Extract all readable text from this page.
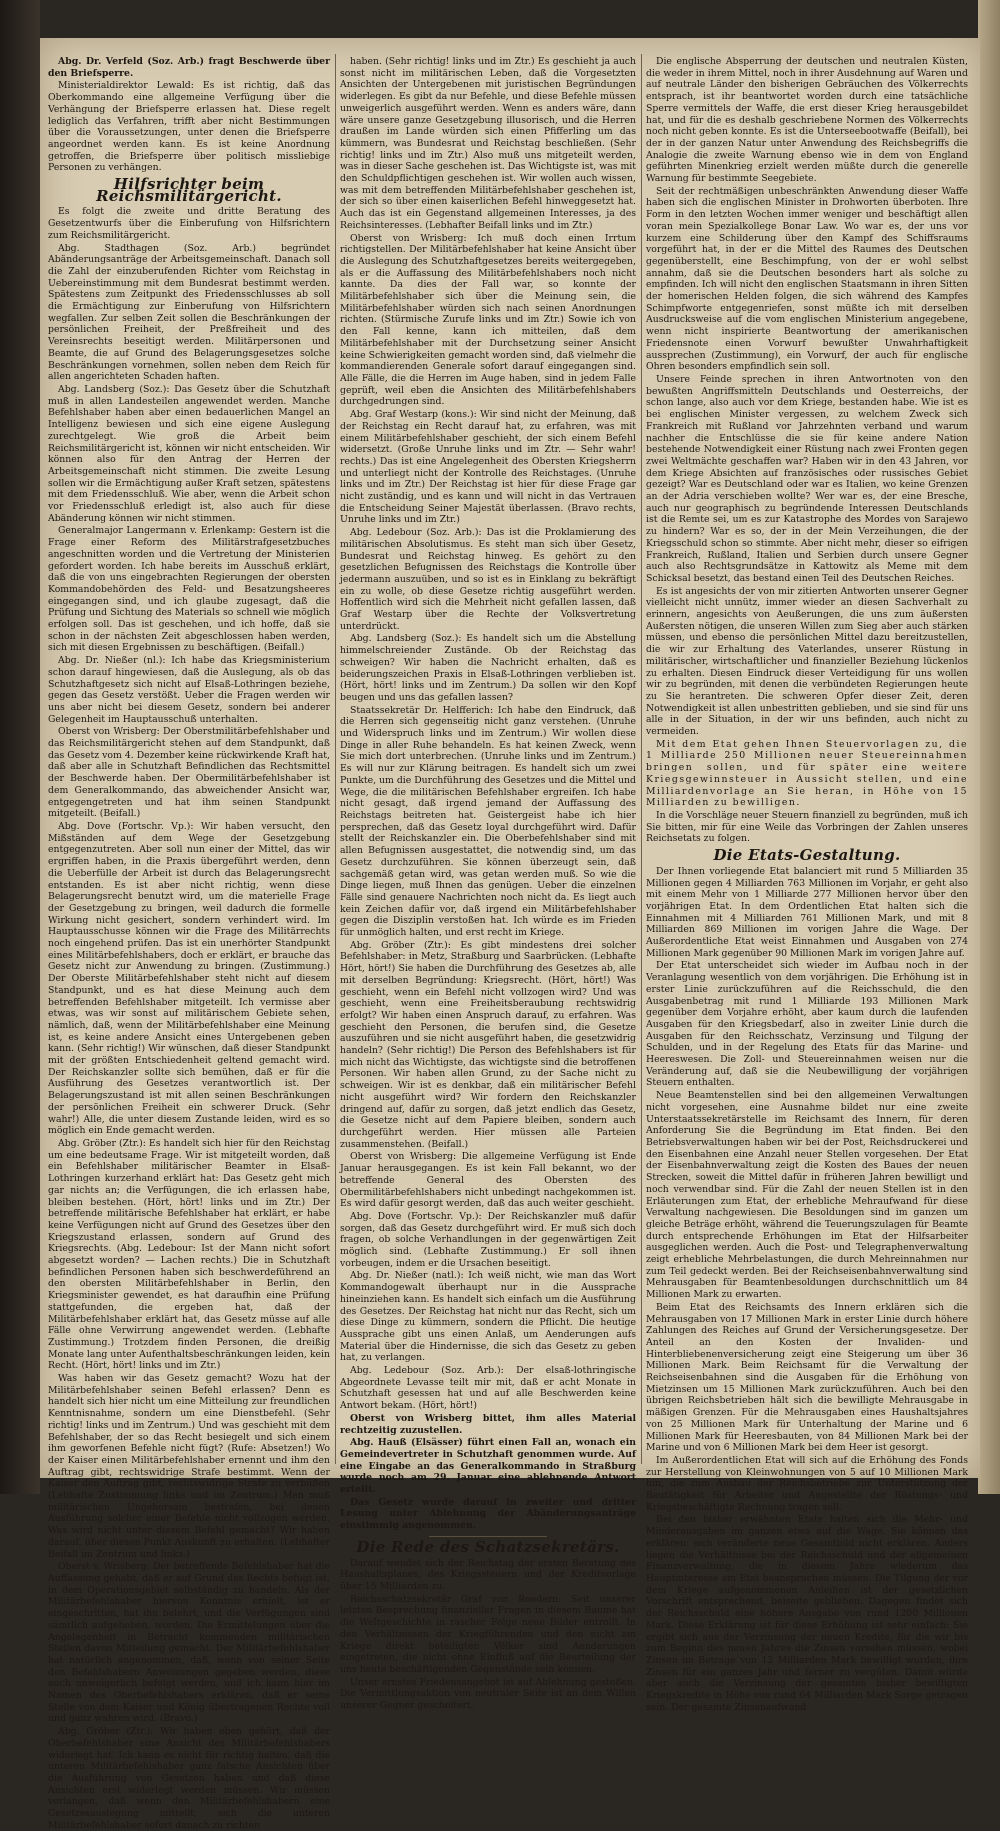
Abg. Dr. Verfeld (Soz. Arb.) fragt Beschwerde über den Briefsperre.

Ministerialdirektor Lewald: Es ist richtig, daß das Oberkommando eine allgemeine Verfügung über die Verhängung der Briefsperre erlassen hat. Diese regelt lediglich das Verfahren, trifft aber nicht Bestimmungen über die Voraussetzungen, unter denen die Briefsperre angeordnet werden kann. Es ist keine Anordnung getroffen, die Briefsperre über politisch missliebige Personen zu verhängen.

Hilfsrichter beim Reichsmilitärgericht.

Es folgt die zweite und dritte Beratung des Gesetzentwurfs über die Einberufung von Hilfsrichtern zum Reichsmilitärgericht.

Abg. Stadthagen (Soz. Arb.) begründet Abänderungsanträge der Arbeitsgemeinschaft. Danach soll die Zahl der einzuberufenden Richter vom Reichstag in Uebereinstimmung mit dem Bundesrat bestimmt werden. Spätestens zum Zeitpunkt des Friedensschlusses ab soll die Ermächtigung zur Einberufung von Hilfsrichtern wegfallen. Zur selben Zeit sollen die Beschränkungen der persönlichen Freiheit, der Preßfreiheit und des Vereinsrechts beseitigt werden. Militärpersonen und Beamte, die auf Grund des Belagerungsgesetzes solche Beschränkungen vornehmen, sollen neben dem Reich für allen angerichteten Schaden haften.

Abg. Landsberg (Soz.): Das Gesetz über die Schutzhaft muß in allen Landesteilen angewendet werden. Manche Befehlshaber haben aber einen bedauerlichen Mangel an Intelligenz bewiesen und sich eine eigene Auslegung zurechtgelegt. Wie groß die Arbeit beim Reichsmilitärgericht ist, können wir nicht entscheiden. Wir können also für den Antrag der Herren der Arbeitsgemeinschaft nicht stimmen. Die zweite Lesung sollen wir die Ermächtigung außer Kraft setzen, spätestens mit dem Friedensschluß. Wie aber, wenn die Arbeit schon vor Friedensschluß erledigt ist, also auch für diese Abänderung können wir nicht stimmen.

Generalmajor Langermann v. Erlenkamp: Gestern ist die Frage einer Reform des Militärstrafgesetzbuches angeschnitten worden und die Vertretung der Ministerien gefordert worden. Ich habe bereits im Ausschuß erklärt, daß die von uns eingebrachten Regierungen der obersten Kommandobehörden des Feld- und Besatzungsheeres eingegangen sind, und ich glaube zugesagt, daß die Prüfung und Sichtung des Materials so schnell wie möglich erfolgen soll. Das ist geschehen, und ich hoffe, daß sie schon in der nächsten Zeit abgeschlossen haben werden, sich mit diesen Ergebnissen zu beschäftigen. (Beifall.)

Abg. Dr. Nießer (nl.): Ich habe das Kriegsministerium schon darauf hingewiesen, daß die Auslegung, als ob das Schutzhaftgesetz sich nicht auf Elsaß-Lothringen beziehe, gegen das Gesetz verstößt. Ueber die Fragen werden wir uns aber nicht bei diesem Gesetz, sondern bei anderer Gelegenheit im Hauptausschuß unterhalten.

Oberst von Wrisberg: Der Oberstmilitärbefehlshaber und das Reichsmilitärgericht stehen auf dem Standpunkt, daß das Gesetz vom 4. Dezember keine rückwirkende Kraft hat, daß aber alle in Schutzhaft Befindlichen das Rechtsmittel der Beschwerde haben. Der Obermilitärbefehlshaber ist dem Generalkommando, das abweichender Ansicht war, entgegengetreten und hat ihm seinen Standpunkt mitgeteilt. (Beifall.)

Abg. Dove (Fortschr. Vp.): Wir haben versucht, den Mißständen auf dem Wege der Gesetzgebung entgegenzutreten. Aber soll nun einer der Mittel, das wir ergriffen haben, in die Praxis übergeführt werden, denn die Ueberfülle der Arbeit ist durch das Belagerungsrecht entstanden. Es ist aber nicht richtig, wenn diese Belagerungsrecht benutzt wird, um die materielle Frage der Gesetzgebung zu bringen, weil dadurch die formelle Wirkung nicht gesichert, sondern verhindert wird. Im Hauptausschusse können wir die Frage des Militärrechts noch eingehend prüfen. Das ist ein unerhörter Standpunkt eines Militärbefehlshabers, doch er erklärt, er brauche das Gesetz nicht zur Anwendung zu bringen. (Zustimmung.) Der Oberste Militärbefehlshaber steht nicht auf diesem Standpunkt, und es hat diese Meinung auch dem betreffenden Befehlshaber mitgeteilt. Ich vermisse aber etwas, was wir sonst auf militärischem Gebiete sehen, nämlich, daß, wenn der Militärbefehlshaber eine Meinung ist, es keine andere Ansicht eines Untergebenen geben kann. (Sehr richtig!) Wir wünschen, daß dieser Standpunkt mit der größten Entschiedenheit geltend gemacht wird. Der Reichskanzler sollte sich bemühen, daß er für die Ausführung des Gesetzes verantwortlich ist. Der Belagerungszustand ist mit allen seinen Beschränkungen der persönlichen Freiheit ein schwerer Druck. (Sehr wahr!) Alle, die unter diesem Zustande leiden, wird es so möglich ein Ende gemacht werden.

Abg. Gröber (Ztr.): Es handelt sich hier für den Reichstag um eine bedeutsame Frage. Wir ist mitgeteilt worden, daß ein Befehlshaber militärischer Beamter in Elsaß-Lothringen kurzerhand erklärt hat: Das Gesetz geht mich gar nichts an; die Verfügungen, die ich erlassen habe, bleiben bestehen. (Hört, hört! links und im Ztr.) Der betreffende militärische Befehlshaber hat erklärt, er habe keine Verfügungen nicht auf Grund des Gesetzes über den Kriegszustand erlassen, sondern auf Grund des Kriegsrechts. (Abg. Ledebour: Ist der Mann nicht sofort abgesetzt worden? — Lachen rechts.) Die in Schutzhaft befindlichen Personen haben sich beschwerdeführend an den obersten Militärbefehlshaber in Berlin, den Kriegsminister gewendet, es hat daraufhin eine Prüfung stattgefunden, die ergeben hat, daß der Militärbefehlshaber erklärt hat, das Gesetz müsse auf alle Fälle ohne Verwirrung angewendet werden. (Lebhafte Zustimmung.) Trotzdem finden Personen, die dreißig Monate lang unter Aufenthaltsbeschränkungen leiden, kein Recht. (Hört, hört! links und im Ztr.)

Was haben wir das Gesetz gemacht? Wozu hat der Militärbefehlshaber seinen Befehl erlassen? Denn es handelt sich hier nicht um eine Mitteilung zur freundlichen Kenntnisnahme, sondern um eine Dienstbefehl. (Sehr richtig! links und im Zentrum.) Und was geschieht mit dem Befehlshaber, der so das Recht besiegelt und sich einem ihm geworfenen Befehle nicht fügt? (Rufe: Absetzen!) Wo der Kaiser einen Militärbefehlshaber ernennt und ihm den Auftrag gibt, rechtswidrige Strafe bestimmt. Wenn der Kaiser den Auftrag gibt, rechtswidrige Strafe zu verbüßen (Lebhafte Zustimmung links und im Zentrum.) Man muß militärischen Ungehorsam bestrafen, bei denen Ausführung solcher einer Befehle nicht vollzogen werden. Was wird nicht unter diesem Befehl gemacht? Wir haben darauf, über diesen Punkt Auskunft zu erhalten. (Lebhafter Beifall im Zentrum und links.)

Oberst v. Wrisberg: Der betreffende Befehlshaber hat die Auffassung gehabt, daß er auf Grund des Rechts befugt ist, in dem Operationsgebiet selbständig zu handeln. Als der Militärbefehlshaber hiervon Kenntnis erhielt, ist er eingeschritten, hat ihn belehrt, und die Verfügungen sind sämtlich aufgehoben, worden. Die Ermittelungen über die Angelegenheit in Betracht kommenden militärischen Stellen davon Mitteilung gemacht. Der Militärbefehlshaber hat natürlich angenommen, daß, wenn von seiner Seite den Befehlshabern Anweisungen gegeben werden, diese auch unweigerlich befolgt werden, und ich kann hier im Namen des Oberbefehlshabers erklären, daß er seine Stelle von dem Kaiser und König übertragenen Rechte voll und ganz wahren wird. (Bravo.)

Abg. Gröber (Ztr.): Wir haben eben gehört, daß der Oberbefehlshaber eine Ansicht des Militärbefehlshabers widerlegt hat. Ich kann es nicht für richtig halten, daß die unteren Militärbefehlshaber ganz falsche Ansichten über die Ausführung von Gesetzen haben und daß diese Ansichten erst widerlegt werden müssen. Wir müssen verlangen, daß wenn den Militärbefehlshabern eine Gesetzesauslegung mitteilt, sich die unteren Militärbefehlshaber sofort danach zu richten

haben. (Sehr richtig! links und im Ztr.) Es geschieht ja auch sonst nicht im militärischen Leben, daß die Vorgesetzten Ansichten der Untergebenen mit juristischen Begründungen widerlegen. Es gibt da nur Befehle, und diese Befehle müssen unweigerlich ausgeführt werden. Wenn es anders wäre, dann wäre unsere ganze Gesetzgebung illusorisch, und die Herren draußen im Lande würden sich einen Pfifferling um das kümmern, was Bundesrat und Reichstag beschließen. (Sehr richtig! links und im Ztr.) Also muß uns mitgeteilt werden, was in dieser Sache geschehen ist. Das Wichtigste ist, was mit den Schuldpflichtigen geschehen ist. Wir wollen auch wissen, was mit dem betreffenden Militärbefehlshaber geschehen ist, der sich so über einen kaiserlichen Befehl hinweggesetzt hat. Auch das ist ein Gegenstand allgemeinen Interesses, ja des Reichsinteresses. (Lebhafter Beifall links und im Ztr.)

Oberst von Wrisberg: Ich muß doch einen Irrtum richtigstellen. Der Militärbefehlshaber hat keine Ansicht über die Auslegung des Schutzhaftgesetzes bereits weitergegeben, als er die Auffassung des Militärbefehlshabers noch nicht kannte. Da dies der Fall war, so konnte der Militärbefehlshaber sich über die Meinung sein, die Militärbefehlshaber würden sich nach seinen Anordnungen richten. (Stürmische Zurufe links und im Ztr.) Sowie ich von den Fall kenne, kann ich mitteilen, daß dem Militärbefehlshaber mit der Durchsetzung seiner Ansicht keine Schwierigkeiten gemacht worden sind, daß vielmehr die kommandierenden Generale sofort darauf eingegangen sind. Alle Fälle, die die Herren im Auge haben, sind in jedem Falle geprüft, weil eben die Ansichten des Militärbefehlshabers durchgedrungen sind.

Abg. Graf Westarp (kons.): Wir sind nicht der Meinung, daß der Reichstag ein Recht darauf hat, zu erfahren, was mit einem Militärbefehlshaber geschieht, der sich einem Befehl widersetzt. (Große Unruhe links und im Ztr. — Sehr wahr! rechts.) Das ist eine Angelegenheit des Obersten Kriegsherrn und unterliegt nicht der Kontrolle des Reichstages. (Unruhe links und im Ztr.) Der Reichstag ist hier für diese Frage gar nicht zuständig, und es kann und will nicht in das Vertrauen die Entscheidung Seiner Majestät überlassen. (Bravo rechts, Unruhe links und im Ztr.)

Abg. Ledebour (Soz. Arb.): Das ist die Proklamierung des militärischen Absolutismus. Es steht man sich über Gesetz, Bundesrat und Reichstag hinweg. Es gehört zu den gesetzlichen Befugnissen des Reichstags die Kontrolle über jedermann auszuüben, und so ist es in Einklang zu bekräftigt ein zu wolle, ob diese Gesetze richtig ausgeführt werden. Hoffentlich wird sich die Mehrheit nicht gefallen lassen, daß Graf Westarp über die Rechte der Volksvertretung unterdrückt.

Abg. Landsberg (Soz.): Es handelt sich um die Abstellung himmelschreiender Zustände. Ob der Reichstag das schweigen? Wir haben die Nachricht erhalten, daß es beiderungszeichen Praxis in Elsaß-Lothringen verblieben ist. (Hört, hört! links und im Zentrum.) Da sollen wir den Kopf beugen und uns das gefallen lassen?

Staatssekretär Dr. Helfferich: Ich habe den Eindruck, daß die Herren sich gegenseitig nicht ganz verstehen. (Unruhe und Widerspruch links und im Zentrum.) Wir wollen diese Dinge in aller Ruhe behandeln. Es hat keinen Zweck, wenn Sie mich dort unterbrechen. (Unruhe links und im Zentrum.) Es will nur zur Klärung beitragen. Es handelt sich um zwei Punkte, um die Durchführung des Gesetzes und die Mittel und Wege, die die militärischen Befehlshaber ergreifen. Ich habe nicht gesagt, daß irgend jemand der Auffassung des Reichstags beitreten hat. Geistergeist habe ich hier persprechen, daß das Gesetz loyal durchgeführt wird. Dafür stellt der Reichskanzler ein. Die Oberbefehlshaber sind mit allen Befugnissen ausgestattet, die notwendig sind, um das Gesetz durchzuführen. Sie können überzeugt sein, daß sachgemäß getan wird, was getan werden muß. So wie die Dinge liegen, muß Ihnen das genügen. Ueber die einzelnen Fälle sind genauere Nachrichten noch nicht da. Es liegt auch kein Zeichen dafür vor, daß irgend ein Militärbefehlshaber gegen die Disziplin verstoßen hat. Ich würde es im Frieden für unmöglich halten, und erst recht im Kriege.

Abg. Gröber (Ztr.): Es gibt mindestens drei solcher Befehlshaber: in Metz, Straßburg und Saarbrücken. (Lebhafte Hört, hört!) Sie haben die Durchführung des Gesetzes ab, alle mit derselben Begründung: Kriegsrecht. (Hört, hört!) Was geschieht, wenn ein Befehl nicht vollzogen wird? Und was geschieht, wenn eine Freiheitsberaubung rechtswidrig erfolgt? Wir haben einen Anspruch darauf, zu erfahren. Was geschieht den Personen, die berufen sind, die Gesetze auszuführen und sie nicht ausgeführt haben, die gesetzwidrig handeln? (Sehr richtig!) Die Person des Befehlshabers ist für mich nicht das Wichtigste, das wichtigste sind die betroffenen Personen. Wir haben allen Grund, zu der Sache nicht zu schweigen. Wir ist es denkbar, daß ein militärischer Befehl nicht ausgeführt wird? Wir fordern den Reichskanzler dringend auf, dafür zu sorgen, daß jetzt endlich das Gesetz, die Gesetze nicht auf dem Papiere bleiben, sondern auch durchgeführt werden. Hier müssen alle Parteien zusammenstehen. (Beifall.)

Oberst von Wrisberg: Die allgemeine Verfügung ist Ende Januar herausgegangen. Es ist kein Fall bekannt, wo der betreffende General des Obersten des Obermilitärbefehlshabers nicht unbedingt nachgekommen ist. Es wird dafür gesorgt werden, daß das auch weiter geschieht.

Abg. Dove (Fortschr. Vp.): Der Reichskanzler muß dafür sorgen, daß das Gesetz durchgeführt wird. Er muß sich doch fragen, ob solche Verhandlungen in der gegenwärtigen Zeit möglich sind. (Lebhafte Zustimmung.) Er soll ihnen vorbeugen, indem er die Ursachen beseitigt.

Abg. Dr. Nießer (natl.): Ich weiß nicht, wie man das Wort Kommandogewalt überhaupt nur in die Aussprache hineinziehen kann. Es handelt sich einfach um die Ausführung des Gesetzes. Der Reichstag hat nicht nur das Recht, sich um diese Dinge zu kümmern, sondern die Pflicht. Die heutige Aussprache gibt uns einen Anlaß, um Aenderungen aufs Material über die Hindernisse, die sich das Gesetz zu geben hat, zu verlangen.

Abg. Ledebour (Soz. Arb.): Der elsaß-lothringische Abgeordnete Levasse teilt mir mit, daß er acht Monate in Schutzhaft gesessen hat und auf alle Beschwerden keine Antwort bekam. (Hört, hört!)

Oberst von Wrisberg bittet, ihm alles Material rechtzeitig zuzustellen.

Abg. Hauß (Elsässer) führt einen Fall an, wonach ein Gemeindevertreter in Schutzhaft genommen wurde. Auf eine Eingabe an das Generalkommando in Straßburg wurde noch am 29. Januar eine ablehnende Antwort erteilt.

Das Gesetz wurde darauf in zweiter und dritter Lesung unter Ablehnung der Abänderungsanträge einstimmig angenommen.

Die Rede des Schatzsekretärs.

Darauf wendet sich der Reichstag der ersten Beratung des Haushaltsplanes, des Kriegssteuern und der Kreditvorlage über 15 Milliarden zu.

Reichsschatzsekretär Graf von Roedern: Seit unserer letzten Besprechung finanzieller Fragen in diesem Raume hat die Weltgeschichte in rascher Folge neue Bilder entrollt. In den Verhältnissen der Kriegführenden und den nicht am Kriege direkt beteiligten Völker sind Aenderungen eingetreten, die nicht ohne Einfluß auf die Beurteilung der uns heute beschäftigenden Gegenstände sein können.

Unser ernstes Friedensangebot ist auf Ablehnung gestoßen. Die Vermittlungsaktion von neutraler Seite ist an dem Willen unserer Gegner gescheitert.

Die englische Absperrung der deutschen und neutralen Küsten, die weder in ihrem Mittel, noch in ihrer Ausdehnung auf Waren und auf neutrale Länder den bisherigen Gebräuchen des Völkerrechts entsprach, ist ihr beantwortet worden durch eine tatsächliche Sperre vermittels der Waffe, die erst dieser Krieg herausgebildet hat, und für die es deshalb geschriebene Normen des Völkerrechts noch nicht geben konnte. Es ist die Unterseebootwaffe (Beifall), bei der in der ganzen Natur unter Anwendung des Reichsbegriffs die Analogie die zweite Warnung ebenso wie in dem von England geführten Minenkrieg erzielt werden müßte durch die generelle Warnung für bestimmte Seegebiete.

Seit der rechtmäßigen unbeschränkten Anwendung dieser Waffe haben sich die englischen Minister in Drohworten überboten. Ihre Form in den letzten Wochen immer weniger und beschäftigt allen voran mein Spezialkollege Bonar Law. Wo war es, der uns vor kurzem eine Schilderung über den Kampf des Schiffsraums vorgeführt hat, in der er die Mittel des Raumes des Deutschen gegenüberstellt, eine Beschimpfung, von der er wohl selbst annahm, daß sie die Deutschen besonders hart als solche zu empfinden. Ich will nicht den englischen Staatsmann in ihren Sitten der homerischen Helden folgen, die sich während des Kampfes Schimpfworte entgegenriefen, sonst müßte ich mit derselben Ausdrucksweise auf die vom englischen Ministerium angegebene, wenn nicht inspirierte Beantwortung der amerikanischen Friedensnote einen Vorwurf bewußter Unwahrhaftigkeit aussprechen (Zustimmung), ein Vorwurf, der auch für englische Ohren besonders empfindlich sein soll.

Unsere Feinde sprechen in ihren Antwortnoten von den bewußten Angriffsmitteln Deutschlands und Oesterreichs, der schon lange, also auch vor dem Kriege, bestanden habe. Wie ist es bei englischen Minister vergessen, zu welchem Zweck sich Frankreich mit Rußland vor Jahrzehnten verband und warum nachher die Entschlüsse die sie für keine andere Nation bestehende Notwendigkeit einer Rüstung nach zwei Fronten gegen zwei Weltmächte geschaffen war? Haben wir in den 43 Jahren, vor dem Kriege Absichten auf französisches oder russisches Gebiet gezeigt? War es Deutschland oder war es Italien, wo keine Grenzen an der Adria verschieben wollte? Wer war es, der eine Bresche, auch nur geographisch zu begründende Interessen Deutschlands ist die Remte sei, um es zur Katastrophe des Mordes von Sarajewo zu hindern? War es so, der in der Mein Verzeihungen, die der Kriegsschuld schon so stimmte. Aber nicht mehr, dieser so eifrigen Frankreich, Rußland, Italien und Serbien durch unsere Gegner auch also Rechtsgrundsätze in Kattowitz als Meme mit dem Schicksal besetzt, das bestand einen Teil des Deutschen Reiches.

Es ist angesichts der von mir zitierten Antworten unserer Gegner vielleicht nicht unnütz, immer wieder an diesen Sachverhalt zu erinnern, angesichts von Aeußerungen, die uns zum äußersten Außersten nötigen, die unseren Willen zum Sieg aber auch stärken müssen, und ebenso die persönlichen Mittel dazu bereitzustellen, die wir zur Erhaltung des Vaterlandes, unserer Rüstung in militärischer, wirtschaftlicher und finanzieller Beziehung lückenlos zu erhalten. Diesen Eindruck dieser Verteidigung für uns wollen wir zu begründen, mit denen die verbündeten Regierungen heute zu Sie herantreten. Die schweren Opfer dieser Zeit, deren Notwendigkeit ist allen unbestritten geblieben, und sie sind für uns alle in der Situation, in der wir uns befinden, auch nicht zu vermeiden.

Mit dem Etat gehen Ihnen Steuervorlagen zu, die 1 Milliarde 250 Millionen neuer Steuereinnahmen bringen sollen, und für später eine weitere Kriegsgewinnsteuer in Aussicht stellen, und eine Milliardenvorlage an Sie heran, in Höhe von 15 Milliarden zu bewilligen.

In die Vorschläge neuer Steuern finanziell zu begründen, muß ich Sie bitten, mir für eine Weile das Vorbringen der Zahlen unseres Reichsetats zu folgen.

Die Etats-Gestaltung.

Der Ihnen vorliegende Etat balanciert mit rund 5 Milliarden 35 Millionen gegen 4 Milliarden 763 Millionen im Vorjahr, er geht also mit einem Mehr von 1 Milliarde 277 Millionen hervor über den vorjährigen Etat. In dem Ordentlichen Etat halten sich die Einnahmen mit 4 Milliarden 761 Millionen Mark, und mit 8 Milliarden 869 Millionen im vorigen Jahre die Wage. Der Außerordentliche Etat weist Einnahmen und Ausgaben von 274 Millionen Mark gegenüber 90 Millionen Mark im vorigen Jahre auf.

Der Etat unterscheidet sich wieder im Aufbau noch in der Veranlagung wesentlich von dem vorjährigen. Die Erhöhung ist in erster Linie zurückzuführen auf die Reichsschuld, die den Ausgabenbetrag mit rund 1 Milliarde 193 Millionen Mark gegenüber dem Vorjahre erhöht, aber kaum durch die laufenden Ausgaben für den Kriegsbedarf, also in zweiter Linie durch die Ausgaben für den Reichsschatz, Verzinsung und Tilgung der Schulden, und in der Regelung des Etats für das Marine- und Heereswesen. Die Zoll- und Steuereinnahmen weisen nur die Veränderung auf, daß sie die Neubewilligung der vorjährigen Steuern enthalten.

Neue Beamtenstellen sind bei den allgemeinen Verwaltungen nicht vorgesehen, eine Ausnahme bildet nur eine zweite Unterstaatssekretärstelle im Reichsamt des Innern, für deren Anforderung Sie die Begründung im Etat finden. Bei den Betriebsverwaltungen haben wir bei der Post, Reichsdruckerei und den Eisenbahnen eine Anzahl neuer Stellen vorgesehen. Der Etat der Eisenbahnverwaltung zeigt die Kosten des Baues der neuen Strecken, soweit die Mittel dafür in früheren Jahren bewilligt und noch verwendbar sind. Für die Zahl der neuen Stellen ist in den Erläuterungen zum Etat, der erhebliche Mehraufwand für diese Verwaltung nachgewiesen. Die Besoldungen sind im ganzen um gleiche Beträge erhöht, während die Teuerungszulagen für Beamte durch entsprechende Erhöhungen im Etat der Hilfsarbeiter ausgeglichen werden. Auch die Post- und Telegraphenverwaltung zeigt erhebliche Mehrbelastungen, die durch Mehreinnahmen nur zum Teil gedeckt werden. Bei der Reichseisenbahnverwaltung sind Mehrausgaben für Beamtenbesoldungen durchschnittlich um 84 Millionen Mark zu erwarten.

Beim Etat des Reichsamts des Innern erklären sich die Mehrausgaben von 17 Millionen Mark in erster Linie durch höhere Zahlungen des Reiches auf Grund der Versicherungsgesetze. Der Anteil an den Kosten der Invaliden- und Hinterbliebenenversicherung zeigt eine Steigerung um über 36 Millionen Mark. Beim Reichsamt für die Verwaltung der Reichseisenbahnen sind die Ausgaben für die Erhöhung von Mietzinsen um 15 Millionen Mark zurückzuführen. Auch bei den übrigen Reichsbetrieben hält sich die bewilligte Mehrausgabe in mäßigen Grenzen. Für die Mehrausgaben eines Haushaltsjahres von 25 Millionen Mark für Unterhaltung der Marine und 6 Millionen Mark für Heeresbauten, von 84 Millionen Mark bei der Marine und von 6 Millionen Mark bei dem Heer ist gesorgt.

Im Außerordentlichen Etat will sich auf die Erhöhung des Fonds zur Herstellung von Kleinwohnungen von 5 auf 10 Millionen Mark hin, die zum Ausbau der Reichsbetriebe zur Unterstützung der Bautätigkeit für Arbeiter und Angestellte der Rüstungs- und Kriegsbeschäftigte Rechnung tragen soll.

Bei den bisher erwähnten Etats halten sich die Mehr- und Minderausgaben im ganzen etwa auf die Wage. Sie können das erklären: sich veränderte neue Gesamtbild nicht erklären. Anders liegen die Verhältnisse bei der Reichsschuld und der allgemeinen Finanzverwaltung, die in diesem Jahre wiederum das Hauptinteresse am Etat beanspruchen müssen. Die Tilgung der vor dem Kriege aufgenommenen Anleihen ist der gesetzlichen Vorschrift entsprechend, beiseite geblieben. Dagegen findet sich der Reichsschuld eine höhere Ausgabe von rund 1200 Millionen Mark. Diese Erklärung ist für diese Erhöhung ist sehr einfach: Sie ergibt sich aus der Verzinsung der neuen Kredite, für die wir bis zum Beginn des neuen Jahres die Zinsen vorsehen müssen, wobei Zinsen im Betrage von 12 Milliarden Mark bewilligt wurden, ihre Zinsen für ein ganzes Jahr und ferner zu vergüten. Damit würde aber auch die Verzinsung der gesamten bisher bewilligten Kriegskredite in Höhe von rund 64 Milliarden Mark Sorge getragen sein. Der gesamte Zinsenaufwand
